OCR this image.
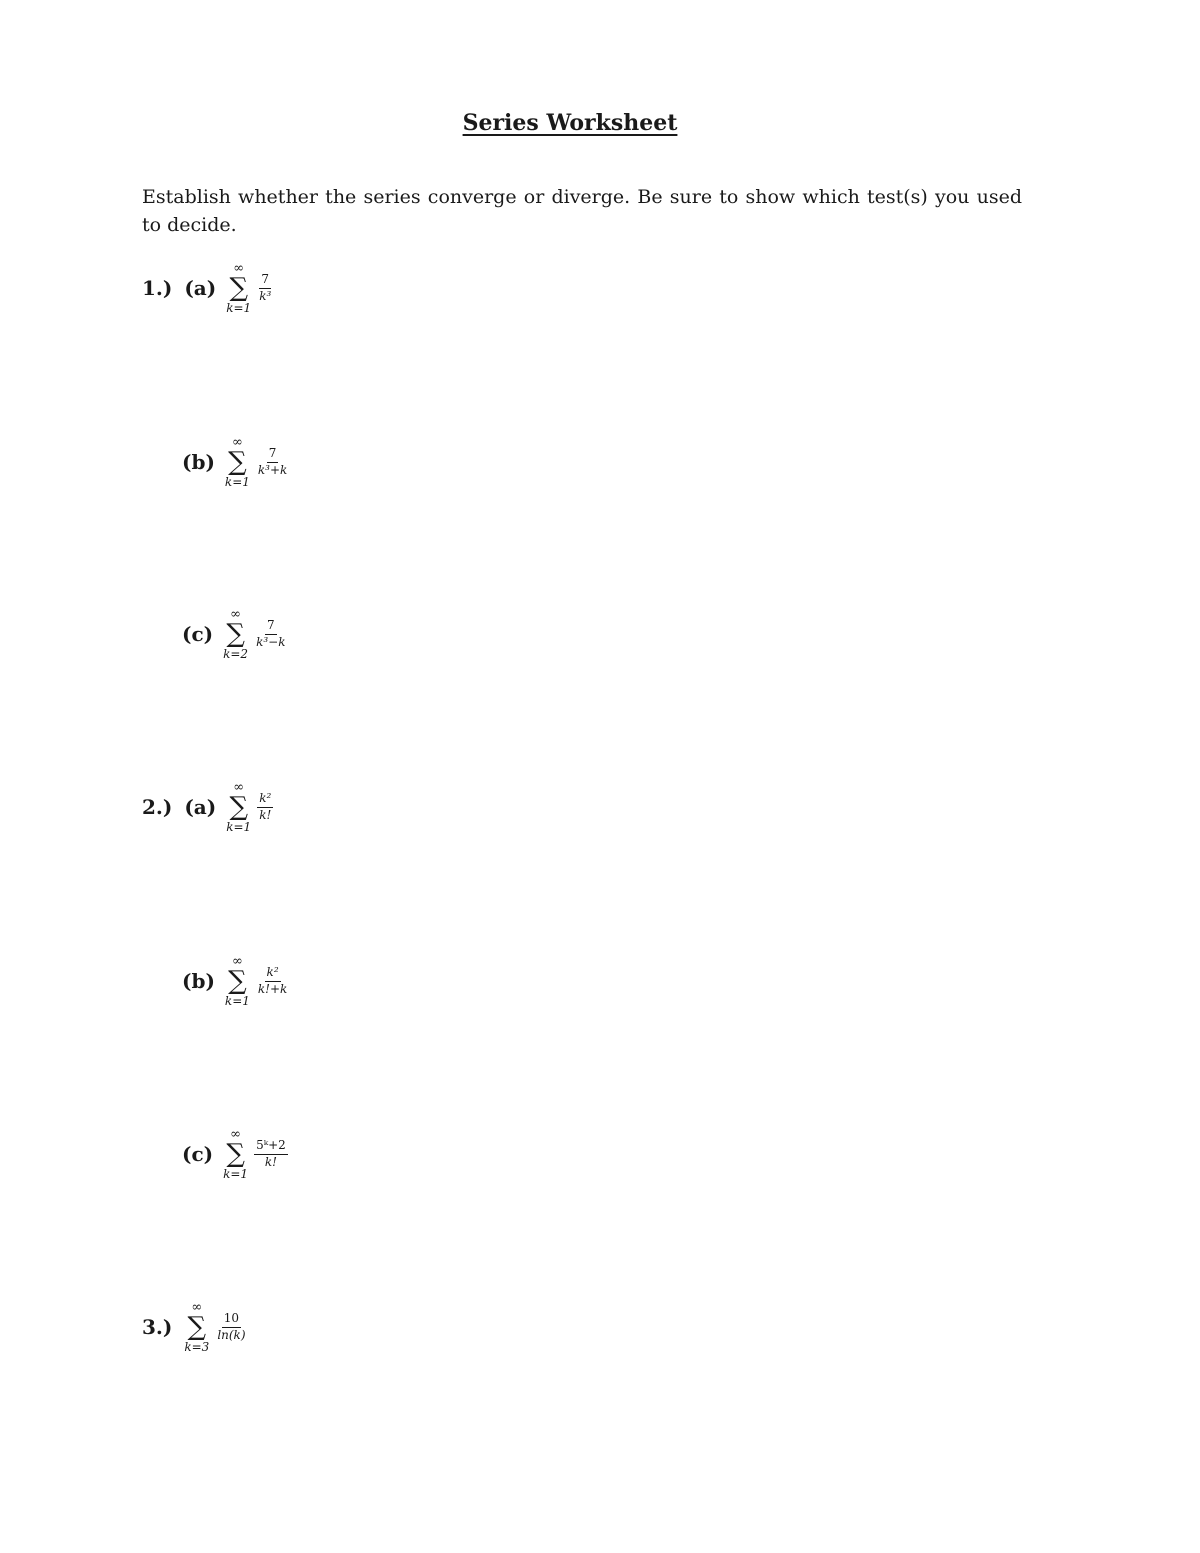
Series Worksheet
Establish whether the series converge or diverge. Be sure to show which test(s) you used to decide.
1.) (a)
∞
∑
k=1
$\frac{7}{\text{k³}}$
(b)
∞
∑
k=1
$\frac{7}{\text{k³+k}}$
(c)
∞
∑
k=2
$\frac{7}{\text{k³−k}}$
2.) (a)
∞
∑
k=1
$\frac{\text{k²}}{k!}$
(b)
∞
∑
k=1
$\frac{\text{k²}}{k!+k}$
(c)
∞
∑
k=1
$\frac{\text{5ᵏ+2}}{k!}$
3.)
∞
∑
k=3
$\frac{10}{\ln(k)}$
